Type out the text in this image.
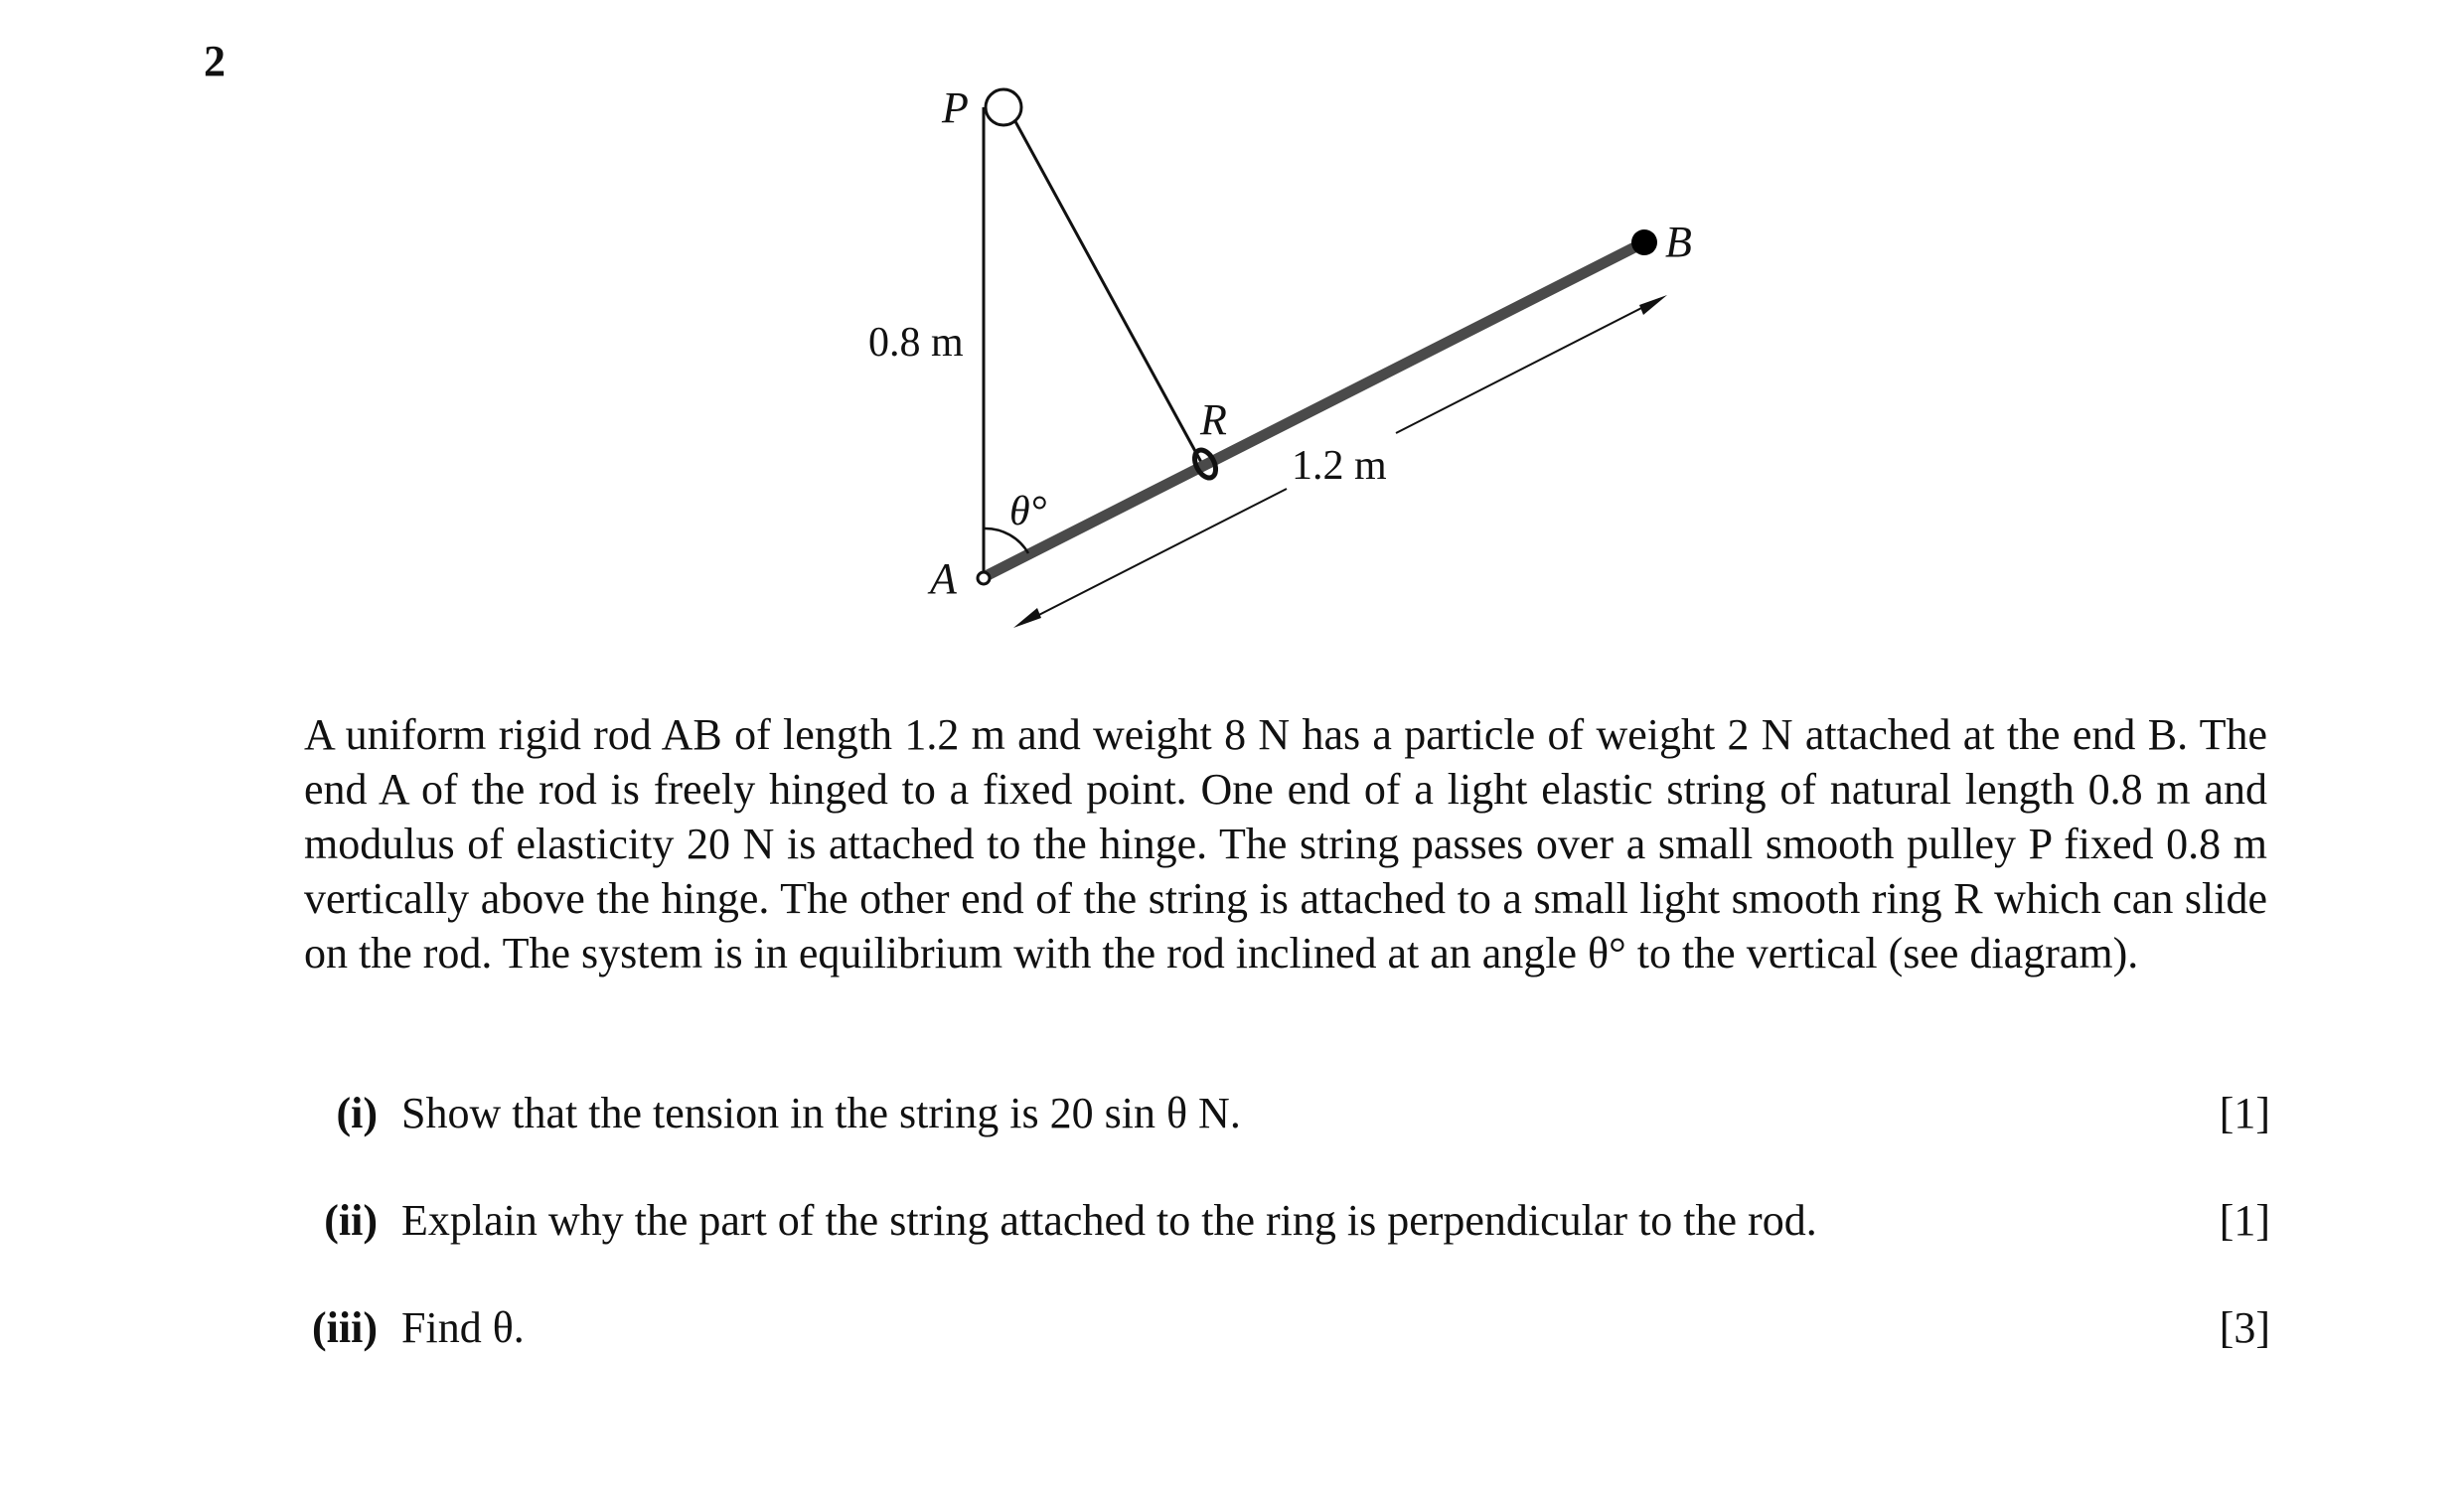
2
P
B
R
A
0.8 m
1.2 m
θ°

A uniform rigid rod AB of length 1.2 m and weight 8 N has a particle of weight 2 N attached at the end B. The end A of the rod is freely hinged to a fixed point. One end of a light elastic string of natural length 0.8 m and modulus of elasticity 20 N is attached to the hinge. The string passes over a small smooth pulley P fixed 0.8 m vertically above the hinge. The other end of the string is attached to a small light smooth ring R which can slide on the rod. The system is in equilibrium with the rod inclined at an angle θ° to the vertical (see diagram).

(i) Show that the tension in the string is 20 sin θ N.	[1]
(ii) Explain why the part of the string attached to the ring is perpendicular to the rod.	[1]
(iii) Find θ.	[3]
